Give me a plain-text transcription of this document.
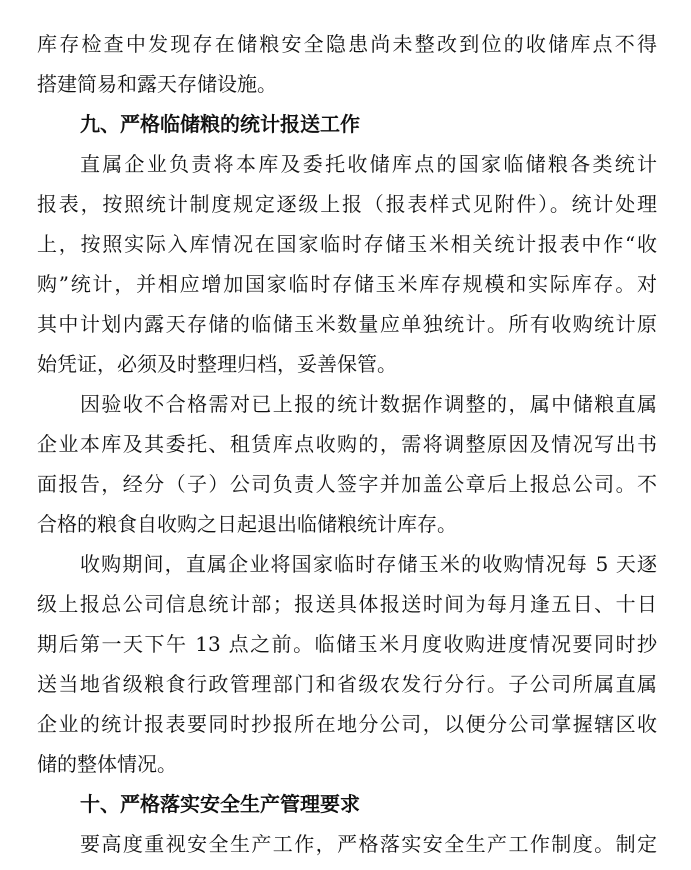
库存检查中发现存在储粮安全隐患尚未整改到位的收储库点不得
搭建简易和露天存储设施。
九、严格临储粮的统计报送工作
直属企业负责将本库及委托收储库点的国家临储粮各类统计
报表，按照统计制度规定逐级上报（报表样式见附件）。统计处理
上，按照实际入库情况在国家临时存储玉米相关统计报表中作“收
购”统计，并相应增加国家临时存储玉米库存规模和实际库存。对
其中计划内露天存储的临储玉米数量应单独统计。所有收购统计原
始凭证，必须及时整理归档，妥善保管。
因验收不合格需对已上报的统计数据作调整的，属中储粮直属
企业本库及其委托、租赁库点收购的，需将调整原因及情况写出书
面报告，经分（子）公司负责人签字并加盖公章后上报总公司。不
合格的粮食自收购之日起退出临储粮统计库存。
收购期间，直属企业将国家临时存储玉米的收购情况每 5 天逐
级上报总公司信息统计部；报送具体报送时间为每月逢五日、十日
期后第一天下午 13 点之前。临储玉米月度收购进度情况要同时抄
送当地省级粮食行政管理部门和省级农发行分行。子公司所属直属
企业的统计报表要同时抄报所在地分公司，以便分公司掌握辖区收
储的整体情况。
十、严格落实安全生产管理要求
要高度重视安全生产工作，严格落实安全生产工作制度。制定
